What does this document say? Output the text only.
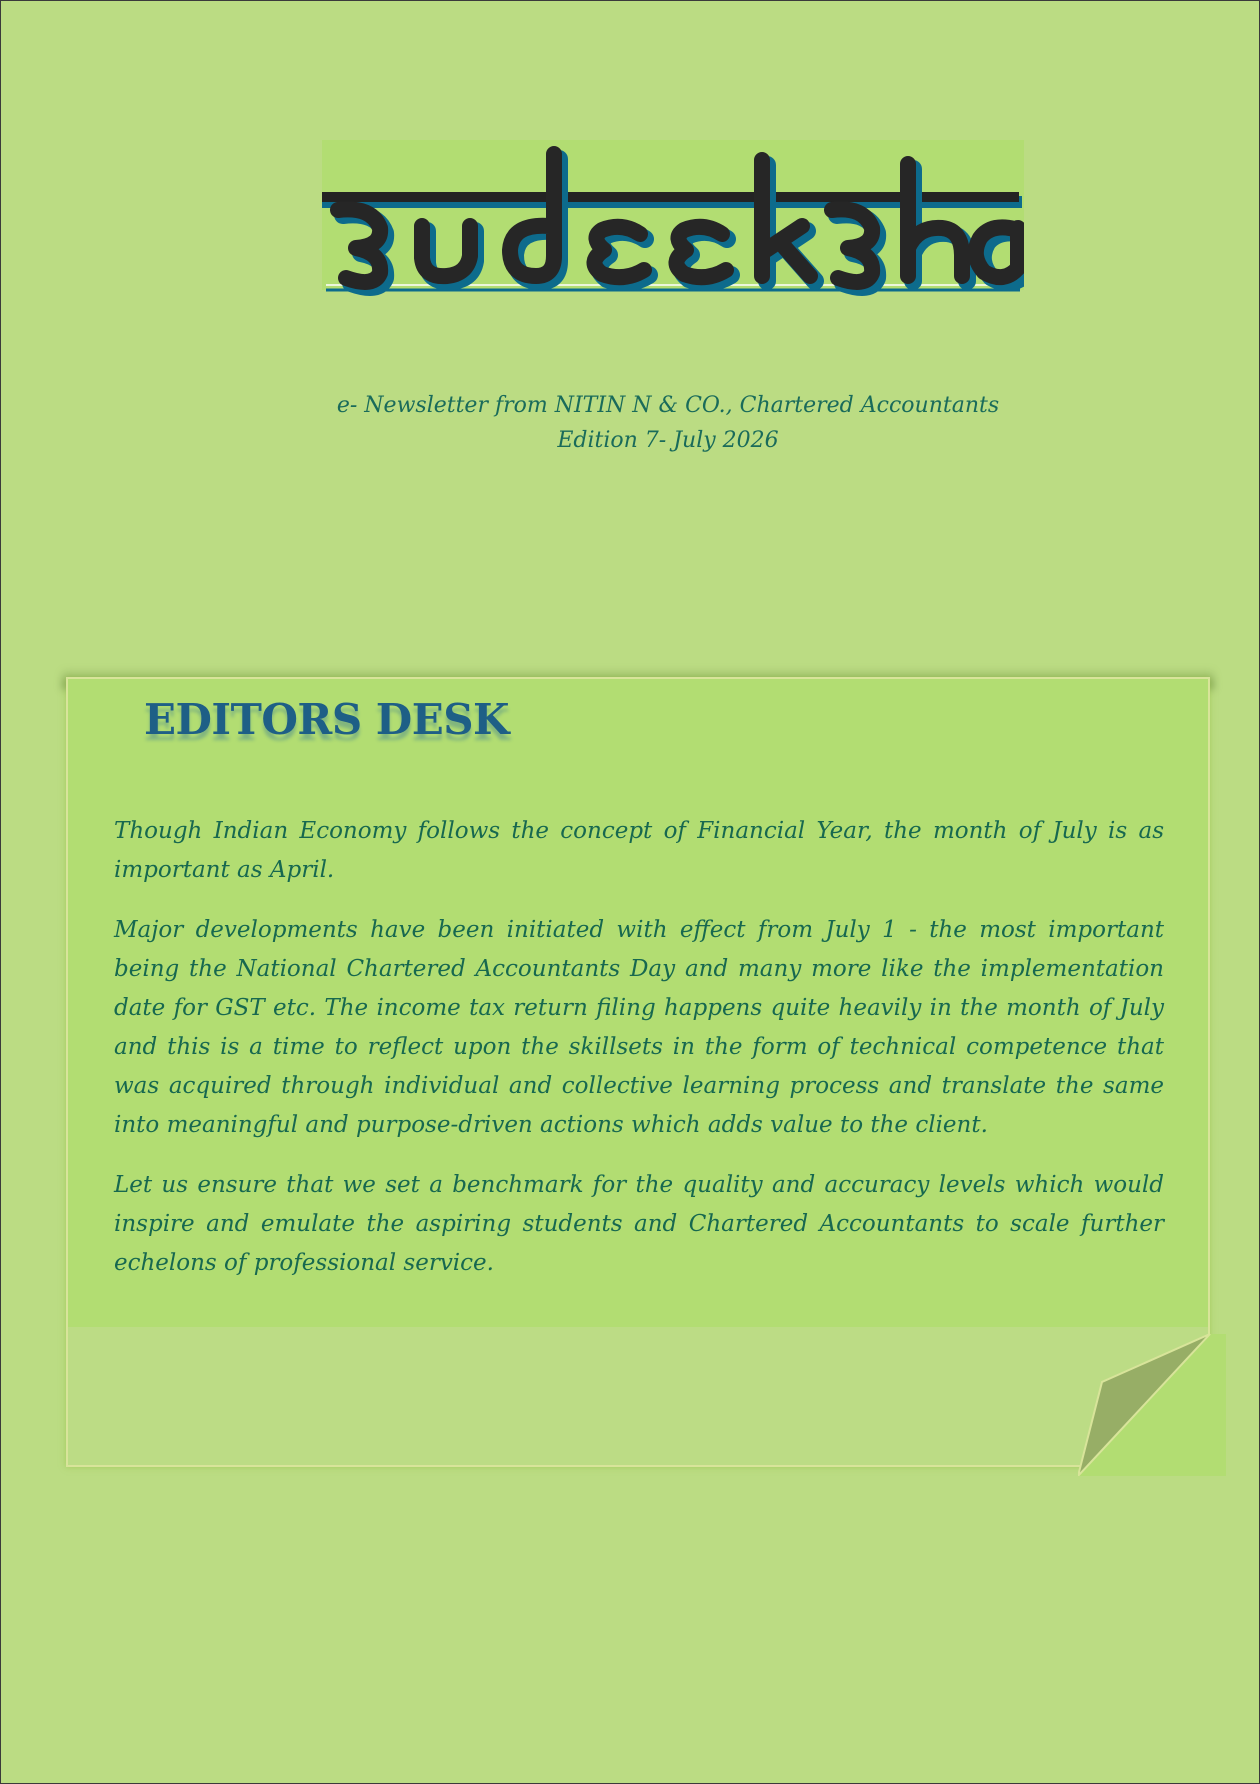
e- Newsletter from NITIN N & CO., Chartered Accountants
Edition 7- July 2026
EDITORS DESK

Though Indian Economy follows the concept of Financial Year, the month of July is as important as April.

Major developments have been initiated with effect from July 1 - the most important being the National Chartered Accountants Day and many more like the implementation date for GST etc. The income tax return filing happens quite heavily in the month of July and this is a time to reflect upon the skillsets in the form of technical competence that was acquired through individual and collective learning process and translate the same into meaningful and purpose-driven actions which adds value to the client.

Let us ensure that we set a benchmark for the quality and accuracy levels which would inspire and emulate the aspiring students and Chartered Accountants to scale further echelons of professional service.
